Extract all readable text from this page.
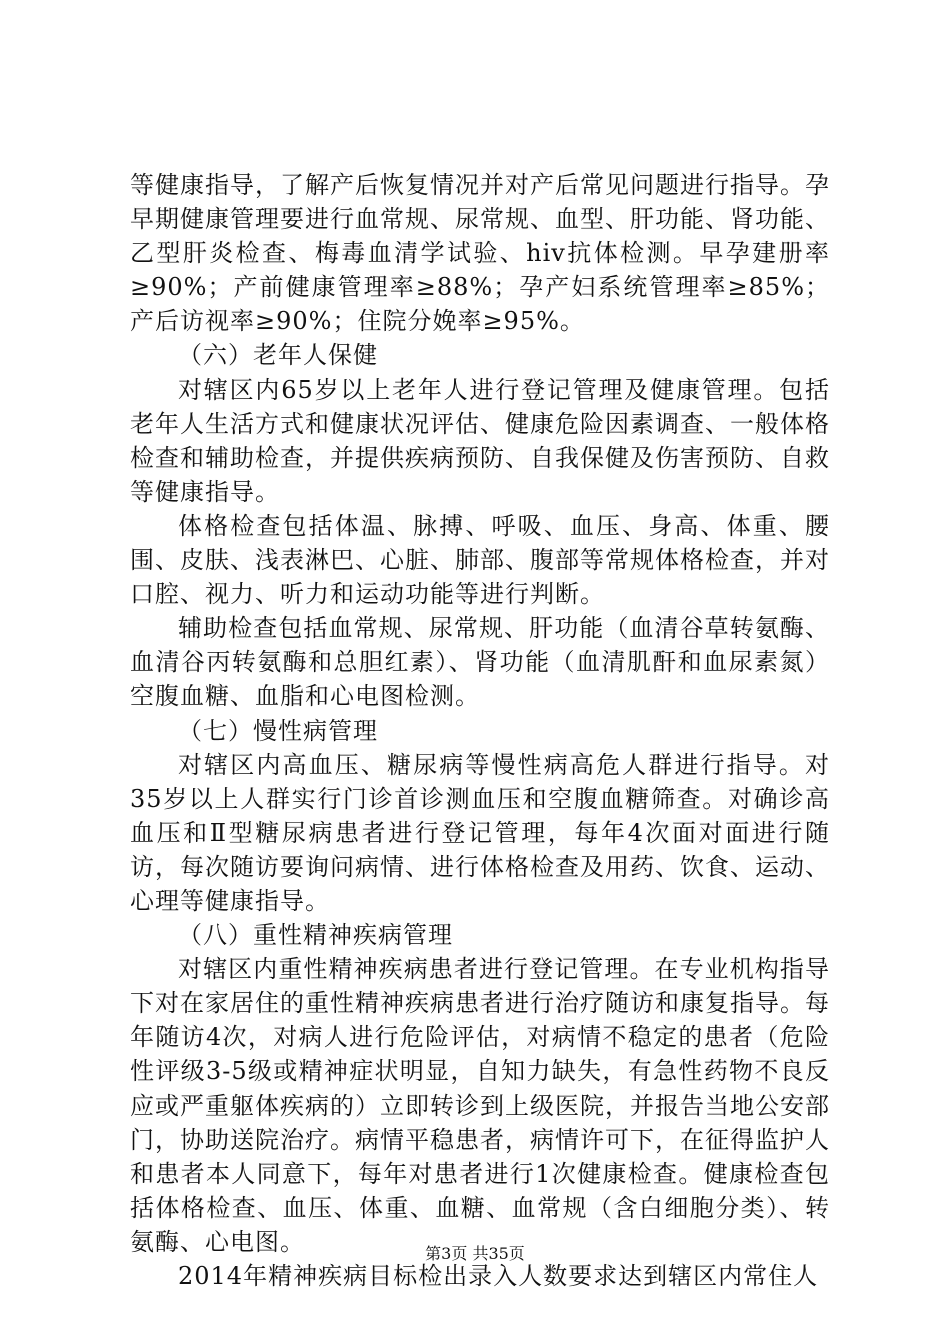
等健康指导，了解产后恢复情况并对产后常见问题进行指导。孕早期健康管理要进行血常规、尿常规、血型、肝功能、肾功能、乙型肝炎检查、梅毒血清学试验、hiv抗体检测。早孕建册率≥90%；产前健康管理率≥88%；孕产妇系统管理率≥85%；产后访视率≥90%；住院分娩率≥95%。

（六）老年人保健

对辖区内65岁以上老年人进行登记管理及健康管理。包括老年人生活方式和健康状况评估、健康危险因素调查、一般体格检查和辅助检查，并提供疾病预防、自我保健及伤害预防、自救等健康指导。

体格检查包括体温、脉搏、呼吸、血压、身高、体重、腰围、皮肤、浅表淋巴、心脏、肺部、腹部等常规体格检查，并对口腔、视力、听力和运动功能等进行判断。

辅助检查包括血常规、尿常规、肝功能（血清谷草转氨酶、血清谷丙转氨酶和总胆红素）、肾功能（血清肌酐和血尿素氮）空腹血糖、血脂和心电图检测。

（七）慢性病管理

对辖区内高血压、糖尿病等慢性病高危人群进行指导。对35岁以上人群实行门诊首诊测血压和空腹血糖筛查。对确诊高血压和Ⅱ型糖尿病患者进行登记管理，每年4次面对面进行随访，每次随访要询问病情、进行体格检查及用药、饮食、运动、心理等健康指导。

（八）重性精神疾病管理

对辖区内重性精神疾病患者进行登记管理。在专业机构指导下对在家居住的重性精神疾病患者进行治疗随访和康复指导。每年随访4次，对病人进行危险评估，对病情不稳定的患者（危险性评级3-5级或精神症状明显，自知力缺失，有急性药物不良反应或严重躯体疾病的）立即转诊到上级医院，并报告当地公安部门，协助送院治疗。病情平稳患者，病情许可下，在征得监护人和患者本人同意下，每年对患者进行1次健康检查。健康检查包括体格检查、血压、体重、血糖、血常规（含白细胞分类）、转氨酶、心电图。

2014年精神疾病目标检出录入人数要求达到辖区内常住人

第3页 共35页
